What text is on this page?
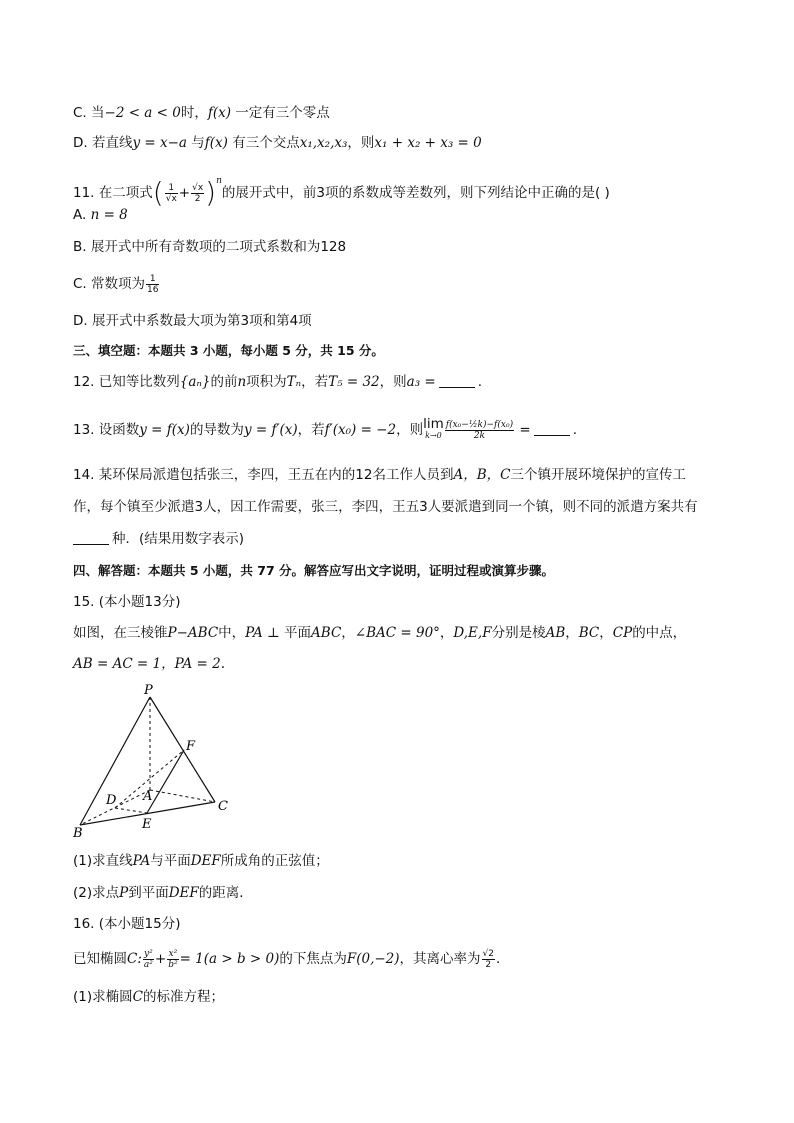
C. 当−2 < a < 0时，f(x) 一定有三个零点
D. 若直线y = x−a 与f(x) 有三个交点x₁,x₂,x₃，则x₁ + x₂ + x₃ = 0
11. 在二项式( $\frac{1}{√x} + \frac{√x}{2} )^n$的展开式中，前3项的系数成等差数列，则下列结论中正确的是( )
A. n = 8
B. 展开式中所有奇数项的二项式系数和为128
C. 常数项为 $\frac{1}{16}$
D. 展开式中系数最大项为第3项和第4项
三、填空题：本题共 3 小题，每小题 5 分，共 15 分。
12. 已知等比数列{aₙ}的前n项积为Tₙ，若T₅ = 32，则a₃ =	.
13. 设函数y = f(x)的导数为y = f′(x)，若f′(x₀) = −2，则 lim
$k\to 0 \frac{\text{f(x₀−½k)−f(x₀)}}{2k}$ =	.
14. 某环保局派遣包括张三，李四，王五在内的12名工作人员到A，B，C三个镇开展环境保护的宣传工
作，每个镇至少派遣3人，因工作需要，张三，李四，王五3人要派遣到同一个镇，则不同的派遣方案共有
种．(结果用数字表示)
四、解答题：本题共 5 小题，共 77 分。解答应写出文字说明，证明过程或演算步骤。
15. (本小题13分)
如图，在三棱锥P−ABC中，PA ⊥ 平面ABC，∠BAC = 90°，D,E,F分别是棱AB，BC，CP的中点，
AB = AC = 1，PA = 2.
P
A
B
C
D
E
F
(1)求直线PA与平面DEF所成角的正弦值；
(2)求点P到平面DEF的距离．
16. (本小题15分)
已知椭圆C: $\frac{\text{y²}}{\text{a²}} + \frac{\text{x²}}{\text{b²}} = 1(a > b > 0)$的下焦点为F(0,−2)，其离心率为 $\frac{√2}{2}$ .
(1)求椭圆C的标准方程；
